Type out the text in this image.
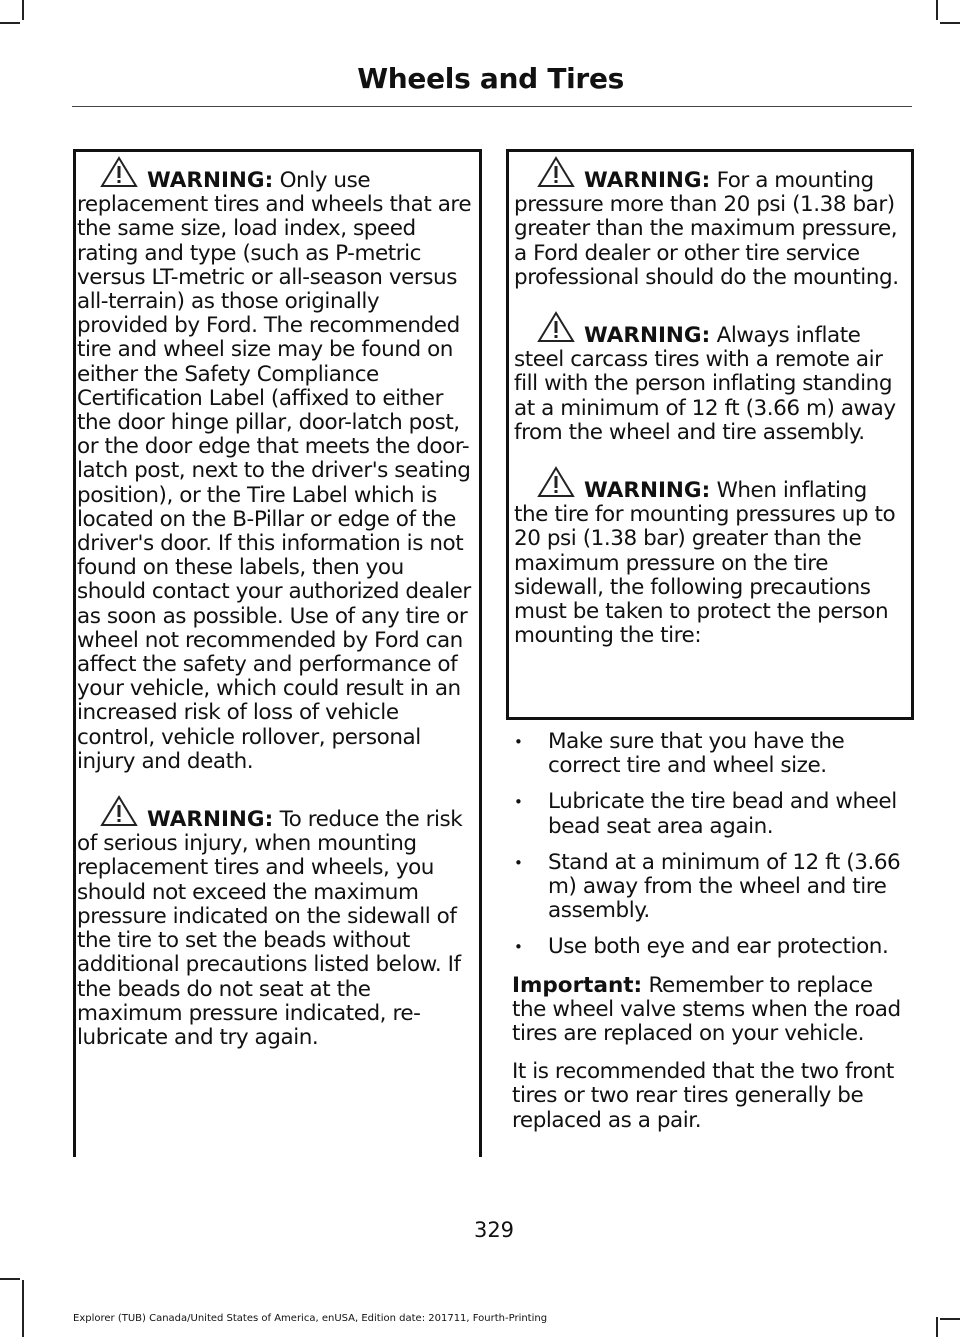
Wheels and Tires
WARNING: Only use replacement tires and wheels that are the same size, load index, speed rating and type (such as P-metric versus LT-metric or all-season versus all-terrain) as those originally provided by Ford. The recommended tire and wheel size may be found on either the Safety Compliance Certification Label (affixed to either the door hinge pillar, door-latch post, or the door edge that meets the door-latch post, next to the driver's seating position), or the Tire Label which is located on the B-Pillar or edge of the driver's door. If this information is not found on these labels, then you should contact your authorized dealer as soon as possible. Use of any tire or wheel not recommended by Ford can affect the safety and performance of your vehicle, which could result in an increased risk of loss of vehicle control, vehicle rollover, personal injury and death.
WARNING: To reduce the risk of serious injury, when mounting replacement tires and wheels, you should not exceed the maximum pressure indicated on the sidewall of the tire to set the beads without additional precautions listed below. If the beads do not seat at the maximum pressure indicated, re-lubricate and try again.
WARNING: For a mounting pressure more than 20 psi (1.38 bar) greater than the maximum pressure, a Ford dealer or other tire service professional should do the mounting.
WARNING: Always inflate steel carcass tires with a remote air fill with the person inflating standing at a minimum of 12 ft (3.66 m) away from the wheel and tire assembly.
WARNING: When inflating the tire for mounting pressures up to 20 psi (1.38 bar) greater than the maximum pressure on the tire sidewall, the following precautions must be taken to protect the person mounting the tire:
• Make sure that you have the correct tire and wheel size.
• Lubricate the tire bead and wheel bead seat area again.
• Stand at a minimum of 12 ft (3.66 m) away from the wheel and tire assembly.
• Use both eye and ear protection.

Important: Remember to replace the wheel valve stems when the road tires are replaced on your vehicle.

It is recommended that the two front tires or two rear tires generally be replaced as a pair.

329
Explorer (TUB) Canada/United States of America, enUSA, Edition date: 201711, Fourth-Printing
